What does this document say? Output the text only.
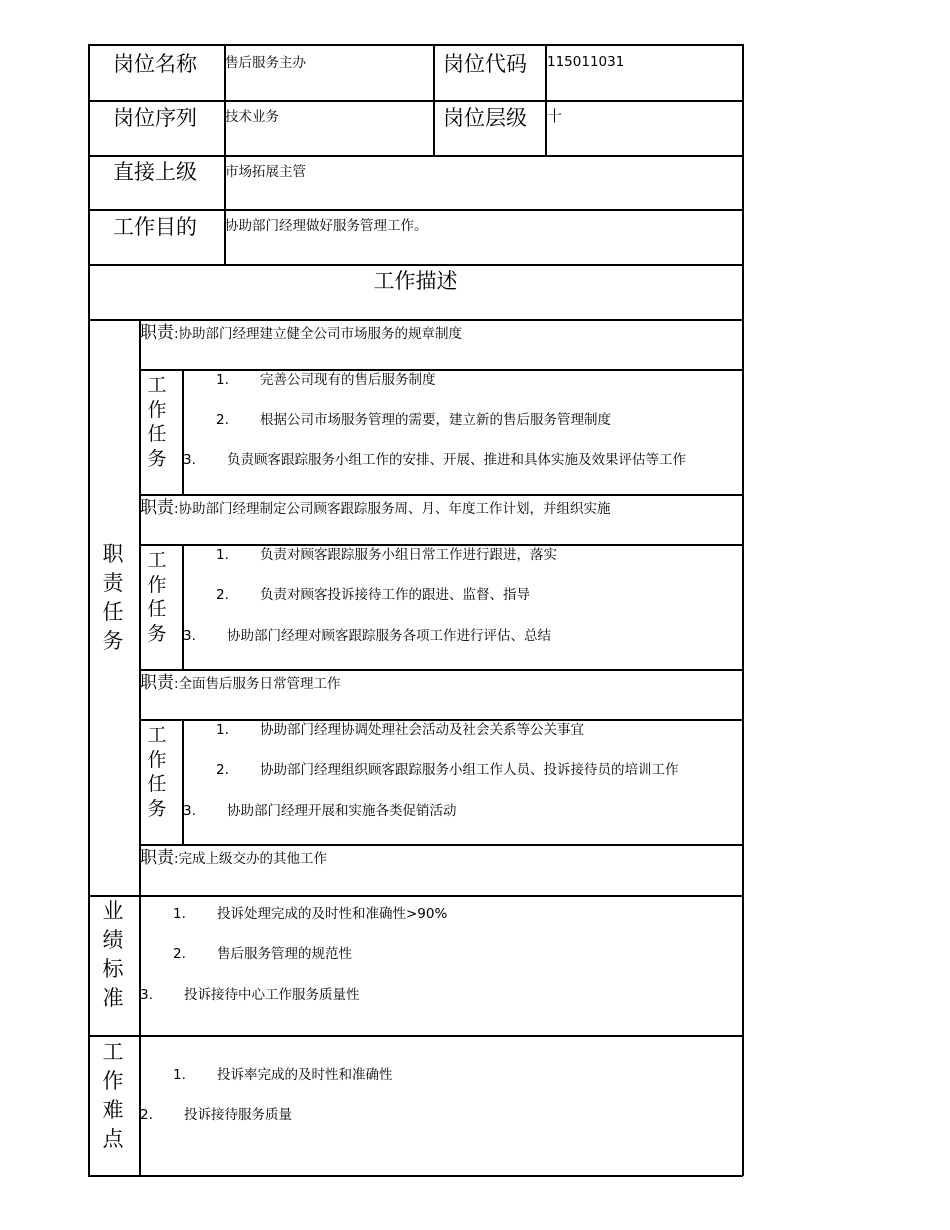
岗位名称 售后服务主办	岗位代码 115011031
岗位序列 技术业务	岗位层级 十
直接上级 市场拓展主管
工作目的 协助部门经理做好服务管理工作。
工作描述
职
责
任
务
职责:协助部门经理建立健全公司市场服务的规章制度
工
作
任
务
1. 完善公司现有的售后服务制度
2. 根据公司市场服务管理的需要，建立新的售后服务管理制度
3. 负责顾客跟踪服务小组工作的安排、开展、推进和具体实施及效果评估等工作
职责:协助部门经理制定公司顾客跟踪服务周、月、年度工作计划，并组织实施
工
作
任
务
1. 负责对顾客跟踪服务小组日常工作进行跟进，落实
2. 负责对顾客投诉接待工作的跟进、监督、指导
3. 协助部门经理对顾客跟踪服务各项工作进行评估、总结
职责:全面售后服务日常管理工作
工
作
任
务
1. 协助部门经理协调处理社会活动及社会关系等公关事宜
2. 协助部门经理组织顾客跟踪服务小组工作人员、投诉接待员的培训工作
3. 协助部门经理开展和实施各类促销活动
职责:完成上级交办的其他工作
业
绩
标
准
1. 投诉处理完成的及时性和准确性>90%
2. 售后服务管理的规范性
3. 投诉接待中心工作服务质量性
工
作
难
点
1. 投诉率完成的及时性和准确性
2. 投诉接待服务质量
